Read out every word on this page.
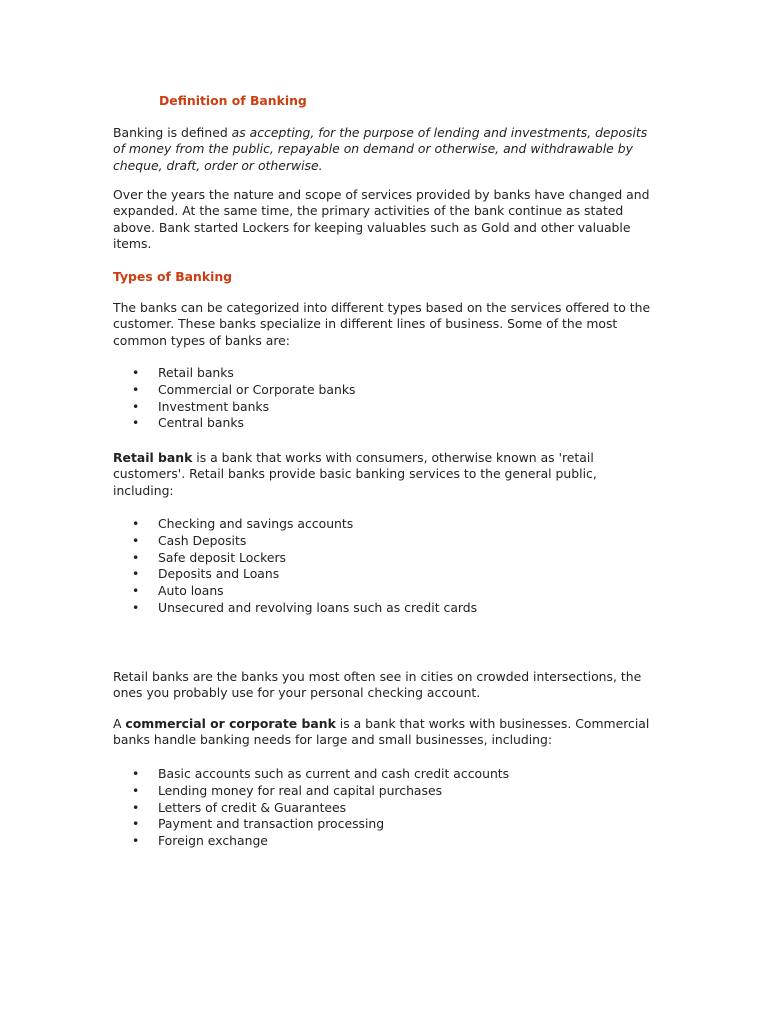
Definition of Banking

Banking is defined as accepting, for the purpose of lending and investments, deposits of money from the public, repayable on demand or otherwise, and withdrawable by cheque, draft, order or otherwise.

Over the years the nature and scope of services provided by banks have changed and expanded. At the same time, the primary activities of the bank continue as stated above. Bank started Lockers for keeping valuables such as Gold and other valuable items.

Types of Banking

The banks can be categorized into different types based on the services offered to the customer. These banks specialize in different lines of business. Some of the most common types of banks are:

• Retail banks
• Commercial or Corporate banks
• Investment banks
• Central banks

Retail bank is a bank that works with consumers, otherwise known as 'retail customers'. Retail banks provide basic banking services to the general public, including:

• Checking and savings accounts
• Cash Deposits
• Safe deposit Lockers
• Deposits and Loans
• Auto loans
• Unsecured and revolving loans such as credit cards

Retail banks are the banks you most often see in cities on crowded intersections, the ones you probably use for your personal checking account.

A commercial or corporate bank is a bank that works with businesses. Commercial banks handle banking needs for large and small businesses, including:

• Basic accounts such as current and cash credit accounts
• Lending money for real and capital purchases
• Letters of credit & Guarantees
• Payment and transaction processing
• Foreign exchange
